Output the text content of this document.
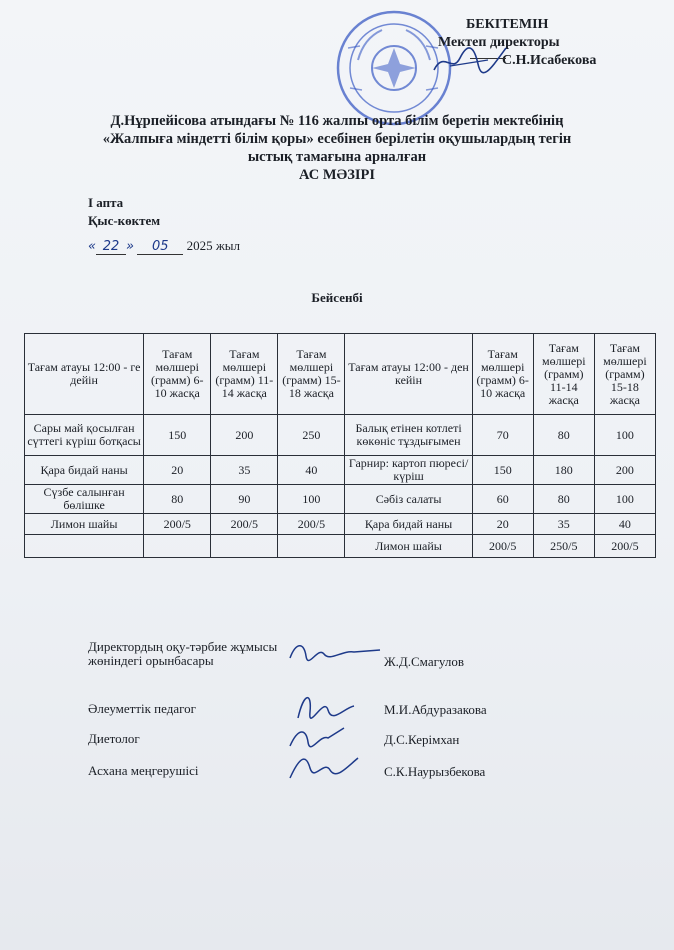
БЕКІТЕМІН
Мектеп директоры
С.Н.Исабекова
Д.Нұрпейісова атындағы № 116 жалпы орта білім беретін мектебінің
«Жалпыға міндетті білім қоры» есебінен берілетін оқушылардың тегін
ыстық тамағына арналған
АС МӘЗІРІ
І апта
Қыс-көктем
« 22 » 05 2025 жыл
Бейсенбі
Тағам атауы 12:00 - ге дейін	Тағам мөлшері (грамм) 6-10 жасқа	Тағам мөлшері (грамм) 11-14 жасқа	Тағам мөлшері (грамм) 15-18 жасқа	Тағам атауы 12:00 - ден кейін	Тағам мөлшері (грамм) 6-10 жасқа	Тағам мөлшері (грамм) 11-14 жасқа	Тағам мөлшері (грамм) 15-18 жасқа
Сары май қосылған сүттегі күріш ботқасы	150	200	250	Балық етінен котлеті көкөніс тұздығымен	70	80	100
Қара бидай наны	20	35	40	Гарнир: картоп пюресі/ күріш	150	180	200
Сүзбе салынған бөлішке	80	90	100	Сәбіз салаты	60	80	100
Лимон шайы	200/5	200/5	200/5	Қара бидай наны	20	35	40
				Лимон шайы	200/5	250/5	200/5
Директордың оқу-тәрбие жұмысы
жөніндегі орынбасары	Ж.Д.Смагулов
Әлеуметтік педагог	М.И.Абдуразакова
Диетолог	Д.С.Керімхан
Асхана меңгерушісі	С.К.Наурызбекова
